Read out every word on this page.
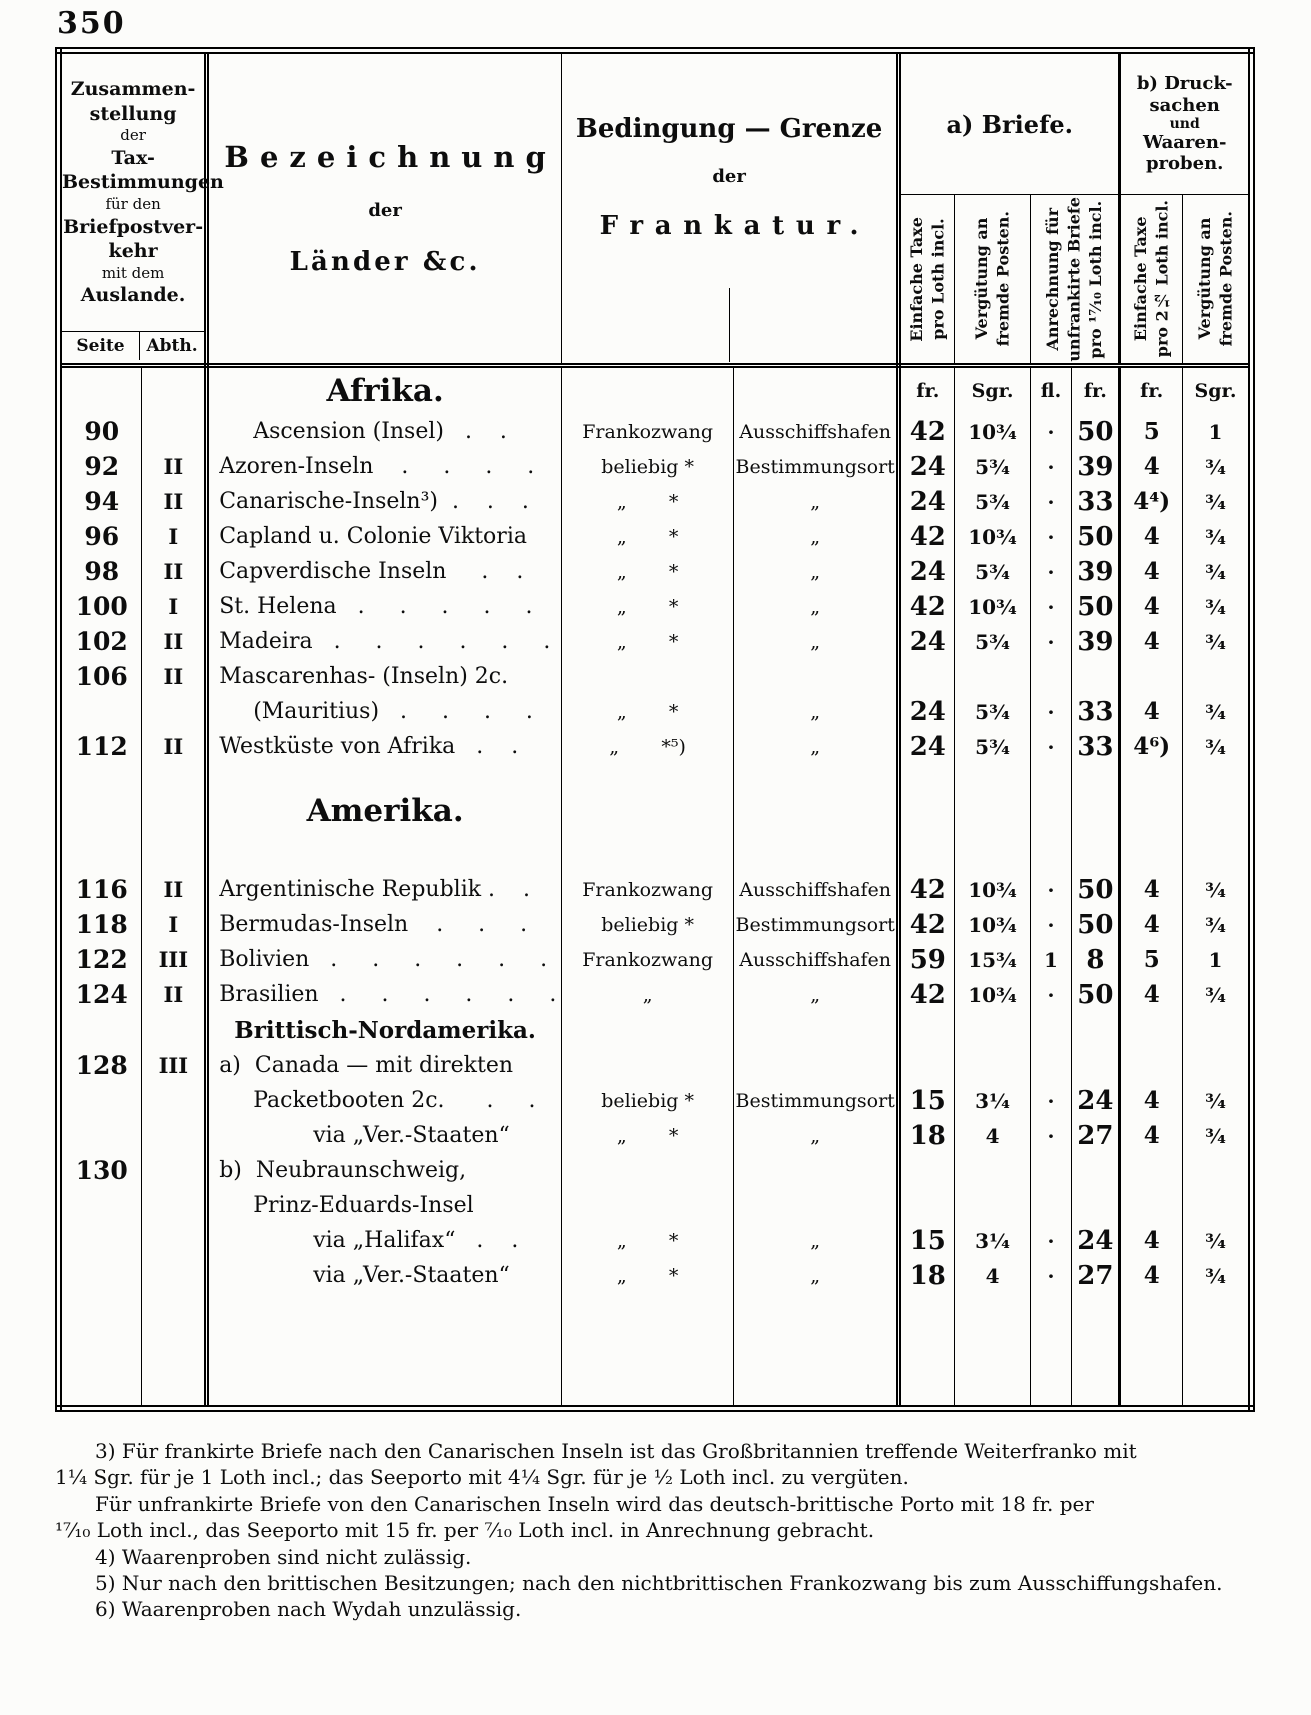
350
Zusammen-
stellung
der
Tax-
Bestimmungen
für den
Briefpostver-
kehr
mit dem
Auslande.
Seite	Abth.

Bezeichnung
der
Länder &c.

Bedingung — Grenze
der
Frankatur.
	a) Briefe.	
b) Druck-
sachen
und
Waaren-
proben.

Einfache Taxe pro Loth incl.	Vergütung an fremde Posten.	Anrechnung für unfrankirte Briefe pro ¹⁷⁄₁₀ Loth incl.	Einfache Taxe pro 2½ Loth incl.	Vergütung an fremde Posten.

		Afrika.			fr.	Sgr.	fl.	fr.	fr.	Sgr.
90		Ascension (Insel)   .    .	Frankozwang	Ausschiffshafen	42	10¾	·	50	5	1
92	II	Azoren-Inseln    .     .     .     .	beliebig *	Bestimmungsort	24	5¾	·	39	4	¾
94	II	Canarische-Inseln³)  .    .    .	„       *	„	24	5¾	·	33	4⁴)	¾
96	I	Capland u. Colonie Viktoria	„       *	„	42	10¾	·	50	4	¾
98	II	Capverdische Inseln     .    .	„       *	„	24	5¾	·	39	4	¾
100	I	St. Helena   .     .     .     .     .	„       *	„	42	10¾	·	50	4	¾
102	II	Madeira   .     .     .     .     .     .	„       *	„	24	5¾	·	39	4	¾
106	II	Mascarenhas- (Inseln) 2c.								
		(Mauritius)   .     .     .     .	„       *	„	24	5¾	·	33	4	¾
112	II	Westküste von Afrika   .    .	„       *⁵)	„	24	5¾	·	33	4⁶)	¾
		Amerika.								
116	II	Argentinische Republik .    .	Frankozwang	Ausschiffshafen	42	10¾	·	50	4	¾
118	I	Bermudas-Inseln    .     .     .	beliebig *	Bestimmungsort	42	10¾	·	50	4	¾
122	III	Bolivien   .     .     .     .     .     .	Frankozwang	Ausschiffshafen	59	15¾	1	8	5	1
124	II	Brasilien   .     .     .     .     .     .	„	„	42	10¾	·	50	4	¾
		Brittisch-Nordamerika.								
128	III	a)  Canada — mit direkten								
		Packetbooten 2c.      .     .	beliebig *	Bestimmungsort	15	3¼	·	24	4	¾
		via „Ver.-Staaten“	„       *	„	18	4	·	27	4	¾
130		b)  Neubraunschweig,								
		Prinz-Eduards-Insel								
		via „Halifax“   .    .	„       *	„	15	3¼	·	24	4	¾
		via „Ver.-Staaten“	„       *	„	18	4	·	27	4	¾

3) Für frankirte Briefe nach den Canarischen Inseln ist das Großbritannien treffende Weiterfranko mit
1¼ Sgr. für je 1 Loth incl.; das Seeporto mit 4¼ Sgr. für je ½ Loth incl. zu vergüten.
Für unfrankirte Briefe von den Canarischen Inseln wird das deutsch-brittische Porto mit 18 fr. per
¹⁷⁄₁₀ Loth incl., das Seeporto mit 15 fr. per ⁷⁄₁₀ Loth incl. in Anrechnung gebracht.
4) Waarenproben sind nicht zulässig.
5) Nur nach den brittischen Besitzungen; nach den nichtbrittischen Frankozwang bis zum Ausschiffungshafen.
6) Waarenproben nach Wydah unzulässig.
